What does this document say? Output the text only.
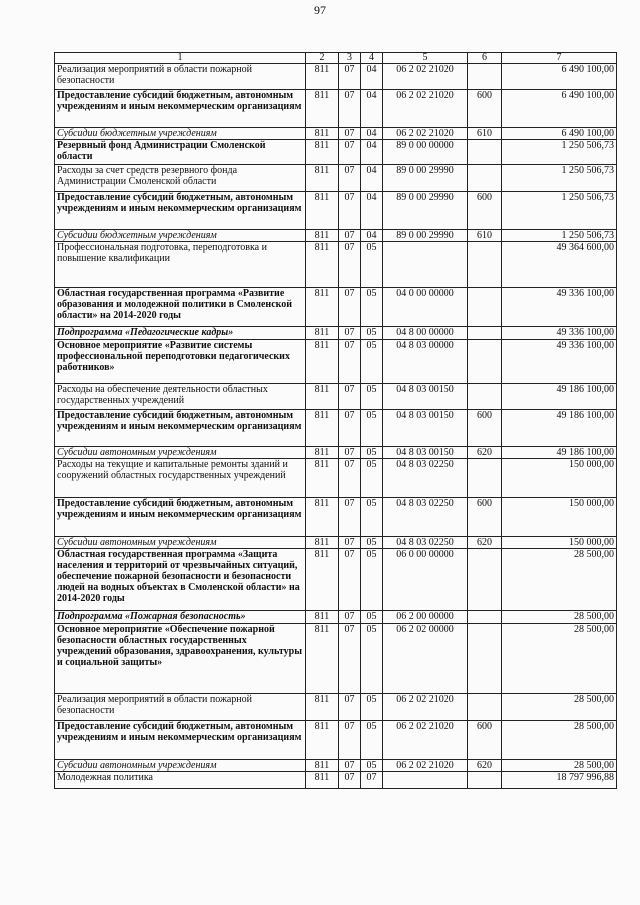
97
1	2	3	4	5	6	7
Реализация мероприятий в области пожарной безопасности	811	07	04	06 2 02 21020		6 490 100,00
Предоставление субсидий бюджетным, автономным учреждениям и иным некоммерческим организациям	811	07	04	06 2 02 21020	600	6 490 100,00
Субсидии бюджетным учреждениям	811	07	04	06 2 02 21020	610	6 490 100,00
Резервный фонд Администрации Смоленской области	811	07	04	89 0 00 00000		1 250 506,73
Расходы за счет средств резервного фонда Администрации Смоленской области	811	07	04	89 0 00 29990		1 250 506,73
Предоставление субсидий бюджетным, автономным учреждениям и иным некоммерческим организациям	811	07	04	89 0 00 29990	600	1 250 506,73
Субсидии бюджетным учреждениям	811	07	04	89 0 00 29990	610	1 250 506,73
Профессиональная подготовка, переподготовка и повышение квалификации	811	07	05			49 364 600,00
Областная государственная программа «Развитие образования и молодежной политики в Смоленской области» на 2014-2020 годы	811	07	05	04 0 00 00000		49 336 100,00
Подпрограмма «Педагогические кадры»	811	07	05	04 8 00 00000		49 336 100,00
Основное мероприятие «Развитие системы профессиональной переподготовки педагогических работников»	811	07	05	04 8 03 00000		49 336 100,00
Расходы на обеспечение деятельности областных государственных учреждений	811	07	05	04 8 03 00150		49 186 100,00
Предоставление субсидий бюджетным, автономным учреждениям и иным некоммерческим организациям	811	07	05	04 8 03 00150	600	49 186 100,00
Субсидии автономным учреждениям	811	07	05	04 8 03 00150	620	49 186 100,00
Расходы на текущие и капитальные ремонты зданий и сооружений областных государственных учреждений	811	07	05	04 8 03 02250		150 000,00
Предоставление субсидий бюджетным, автономным учреждениям и иным некоммерческим организациям	811	07	05	04 8 03 02250	600	150 000,00
Субсидии автономным учреждениям	811	07	05	04 8 03 02250	620	150 000,00
Областная государственная программа «Защита населения и территорий от чрезвычайных ситуаций, обеспечение пожарной безопасности и безопасности людей на водных объектах в Смоленской области» на 2014-2020 годы	811	07	05	06 0 00 00000		28 500,00
Подпрограмма «Пожарная безопасность»	811	07	05	06 2 00 00000		28 500,00
Основное мероприятие «Обеспечение пожарной безопасности областных государственных учреждений образования, здравоохранения, культуры и социальной защиты»	811	07	05	06 2 02 00000		28 500,00
Реализация мероприятий в области пожарной безопасности	811	07	05	06 2 02 21020		28 500,00
Предоставление субсидий бюджетным, автономным учреждениям и иным некоммерческим организациям	811	07	05	06 2 02 21020	600	28 500,00
Субсидии автономным учреждениям	811	07	05	06 2 02 21020	620	28 500,00
Молодежная политика	811	07	07			18 797 996,88
